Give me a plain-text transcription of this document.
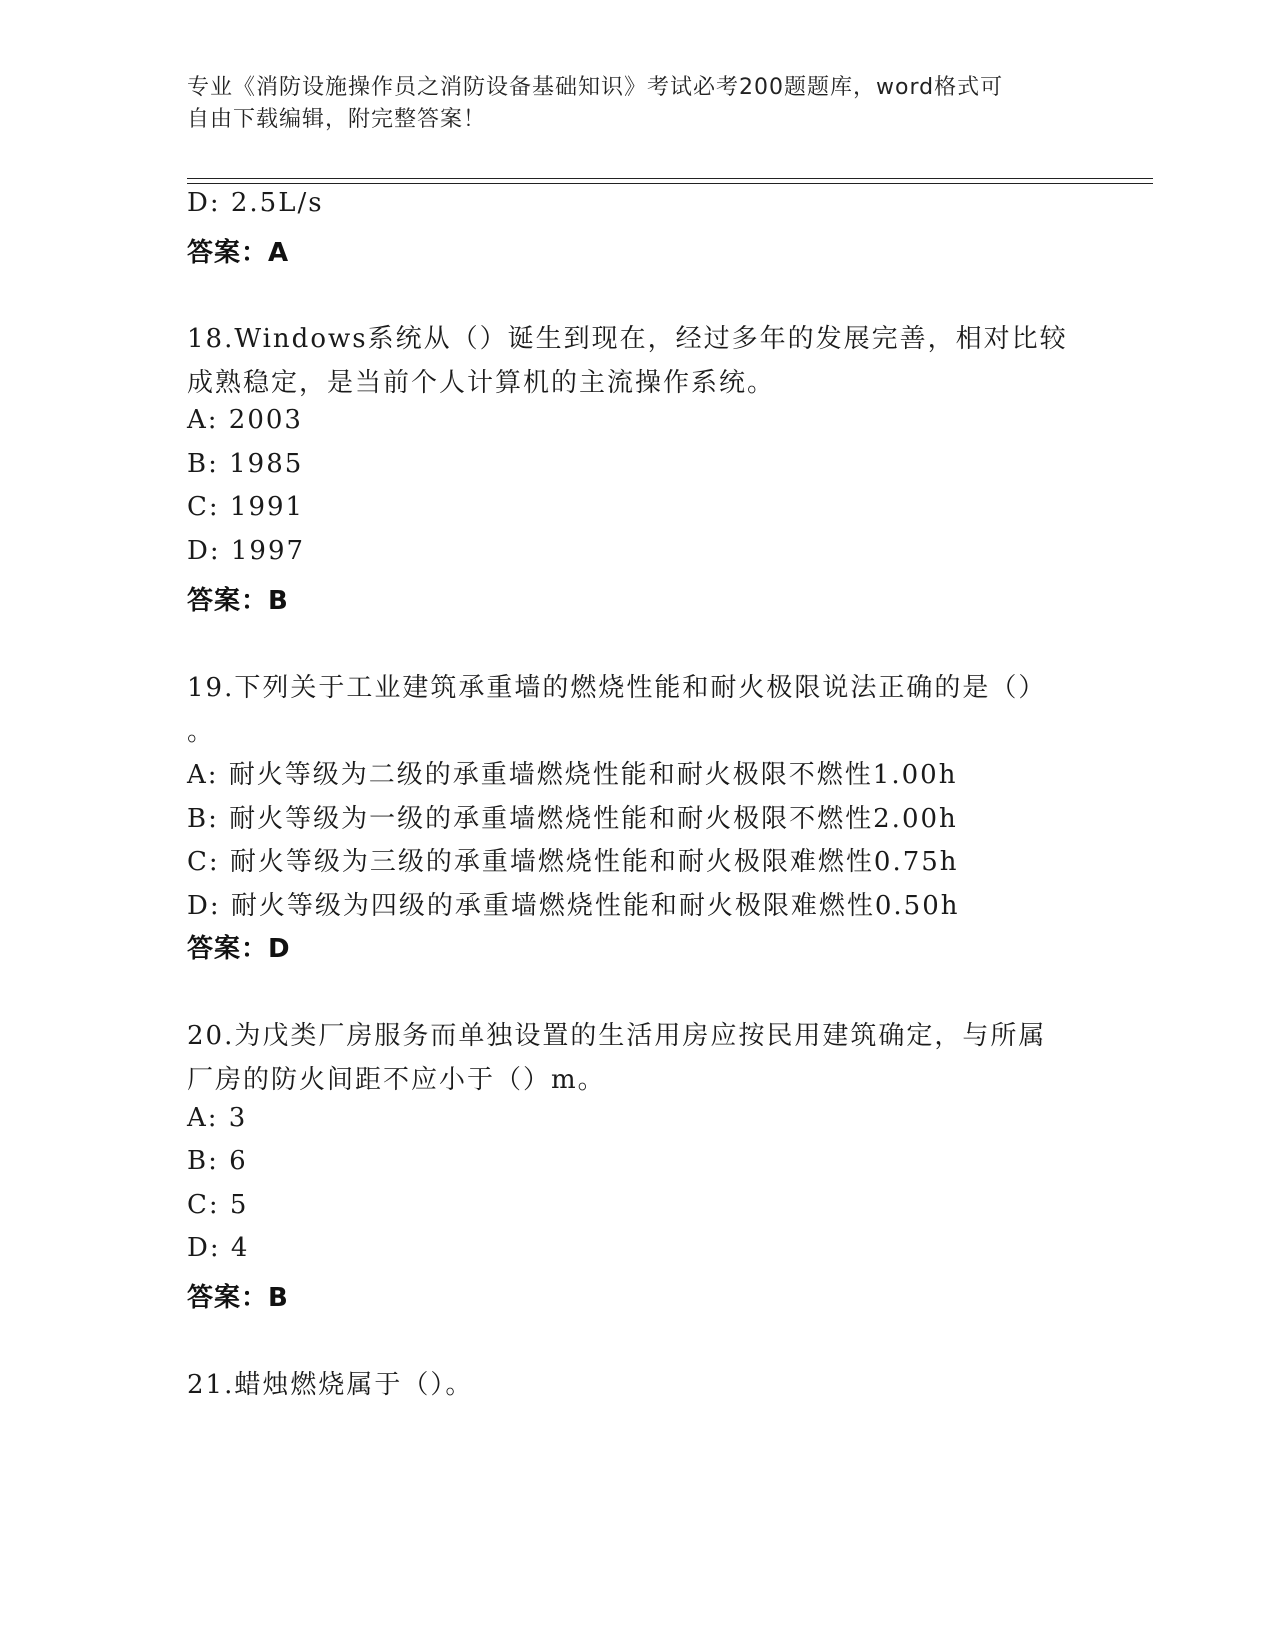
专业《消防设施操作员之消防设备基础知识》考试必考200题题库，word格式可
自由下载编辑，附完整答案！
D: 2.5L/s
答案：A
18.Windows系统从（）诞生到现在，经过多年的发展完善，相对比较
成熟稳定，是当前个人计算机的主流操作系统。
A: 2003
B: 1985
C: 1991
D: 1997
答案：B
19.下列关于工业建筑承重墙的燃烧性能和耐火极限说法正确的是（）
。
A: 耐火等级为二级的承重墙燃烧性能和耐火极限不燃性1.00h
B: 耐火等级为一级的承重墙燃烧性能和耐火极限不燃性2.00h
C: 耐火等级为三级的承重墙燃烧性能和耐火极限难燃性0.75h
D: 耐火等级为四级的承重墙燃烧性能和耐火极限难燃性0.50h
答案：D
20.为戊类厂房服务而单独设置的生活用房应按民用建筑确定，与所属
厂房的防火间距不应小于（）m。
A: 3
B: 6
C: 5
D: 4
答案：B
21.蜡烛燃烧属于（）。
